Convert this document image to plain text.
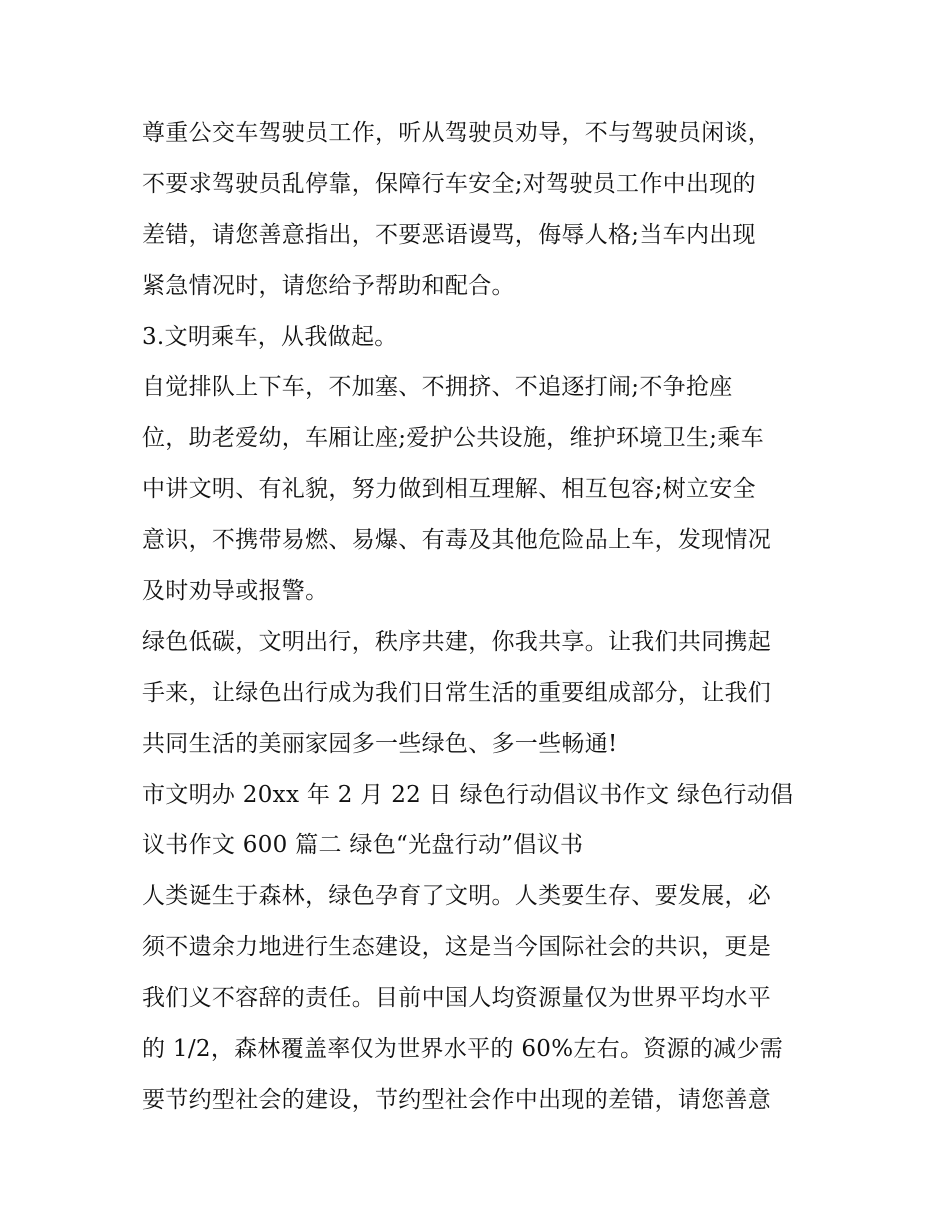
尊重公交车驾驶员工作，听从驾驶员劝导，不与驾驶员闲谈，
不要求驾驶员乱停靠，保障行车安全;对驾驶员工作中出现的
差错，请您善意指出，不要恶语谩骂，侮辱人格;当车内出现
紧急情况时，请您给予帮助和配合。
3.文明乘车，从我做起。
自觉排队上下车，不加塞、不拥挤、不追逐打闹;不争抢座
位，助老爱幼，车厢让座;爱护公共设施，维护环境卫生;乘车
中讲文明、有礼貌，努力做到相互理解、相互包容;树立安全
意识，不携带易燃、易爆、有毒及其他危险品上车，发现情况
及时劝导或报警。
绿色低碳，文明出行，秩序共建，你我共享。让我们共同携起
手来，让绿色出行成为我们日常生活的重要组成部分，让我们
共同生活的美丽家园多一些绿色、多一些畅通!
市文明办 20xx 年 2 月 22 日 绿色行动倡议书作文 绿色行动倡
议书作文 600 篇二 绿色“光盘行动”倡议书
人类诞生于森林，绿色孕育了文明。人类要生存、要发展，必
须不遗余力地进行生态建设，这是当今国际社会的共识，更是
我们义不容辞的责任。目前中国人均资源量仅为世界平均水平
的 1/2，森林覆盖率仅为世界水平的 60%左右。资源的减少需
要节约型社会的建设，节约型社会作中出现的差错，请您善意
